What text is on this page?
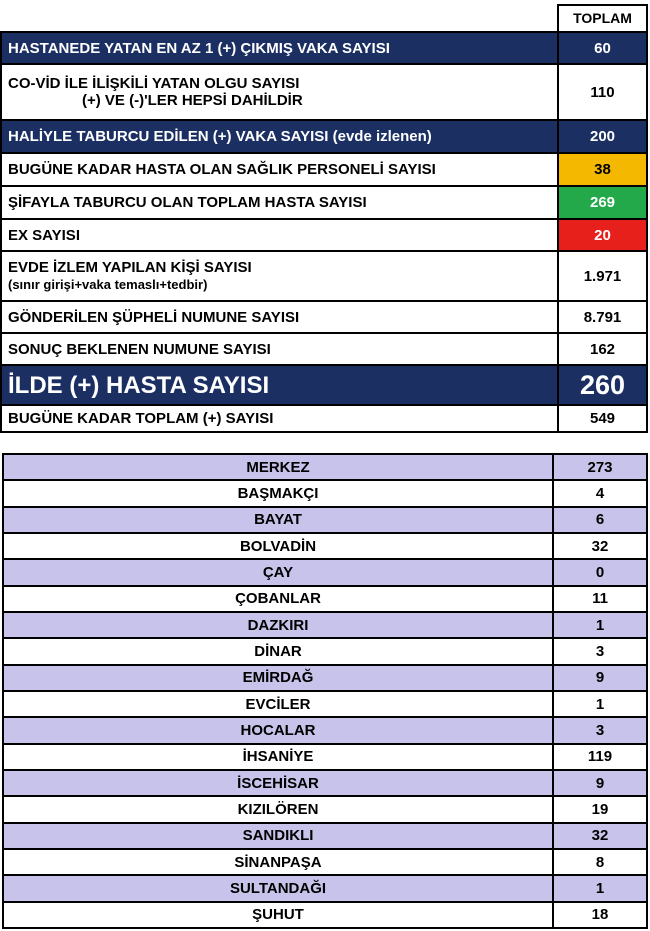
	TOPLAM
HASTANEDE YATAN EN AZ 1 (+) ÇIKMIŞ VAKA SAYISI	60

CO-VİD İLE İLİŞKİLİ YATAN OLGU SAYISI
(+) VE (-)'LER HEPSİ DAHİLDİR	110
HALİYLE TABURCU EDİLEN (+) VAKA SAYISI (evde izlenen)	200
BUGÜNE KADAR HASTA OLAN SAĞLIK PERSONELİ SAYISI	38
ŞİFAYLA TABURCU OLAN TOPLAM HASTA SAYISI	269
EX SAYISI	20

EVDE İZLEM YAPILAN KİŞİ SAYISI
(sınır girişi+vaka temaslı+tedbir)	1.971
GÖNDERİLEN ŞÜPHELİ NUMUNE SAYISI	8.791
SONUÇ BEKLENEN NUMUNE SAYISI	162
İLDE (+) HASTA SAYISI	260
BUGÜNE KADAR TOPLAM (+) SAYISI	549
MERKEZ	273
BAŞMAKÇI	4
BAYAT	6
BOLVADİN	32
ÇAY	0
ÇOBANLAR	11
DAZKIRI	1
DİNAR	3
EMİRDAĞ	9
EVCİLER	1
HOCALAR	3
İHSANİYE	119
İSCEHİSAR	9
KIZILÖREN	19
SANDIKLI	32
SİNANPAŞA	8
SULTANDAĞI	1
ŞUHUT	18
